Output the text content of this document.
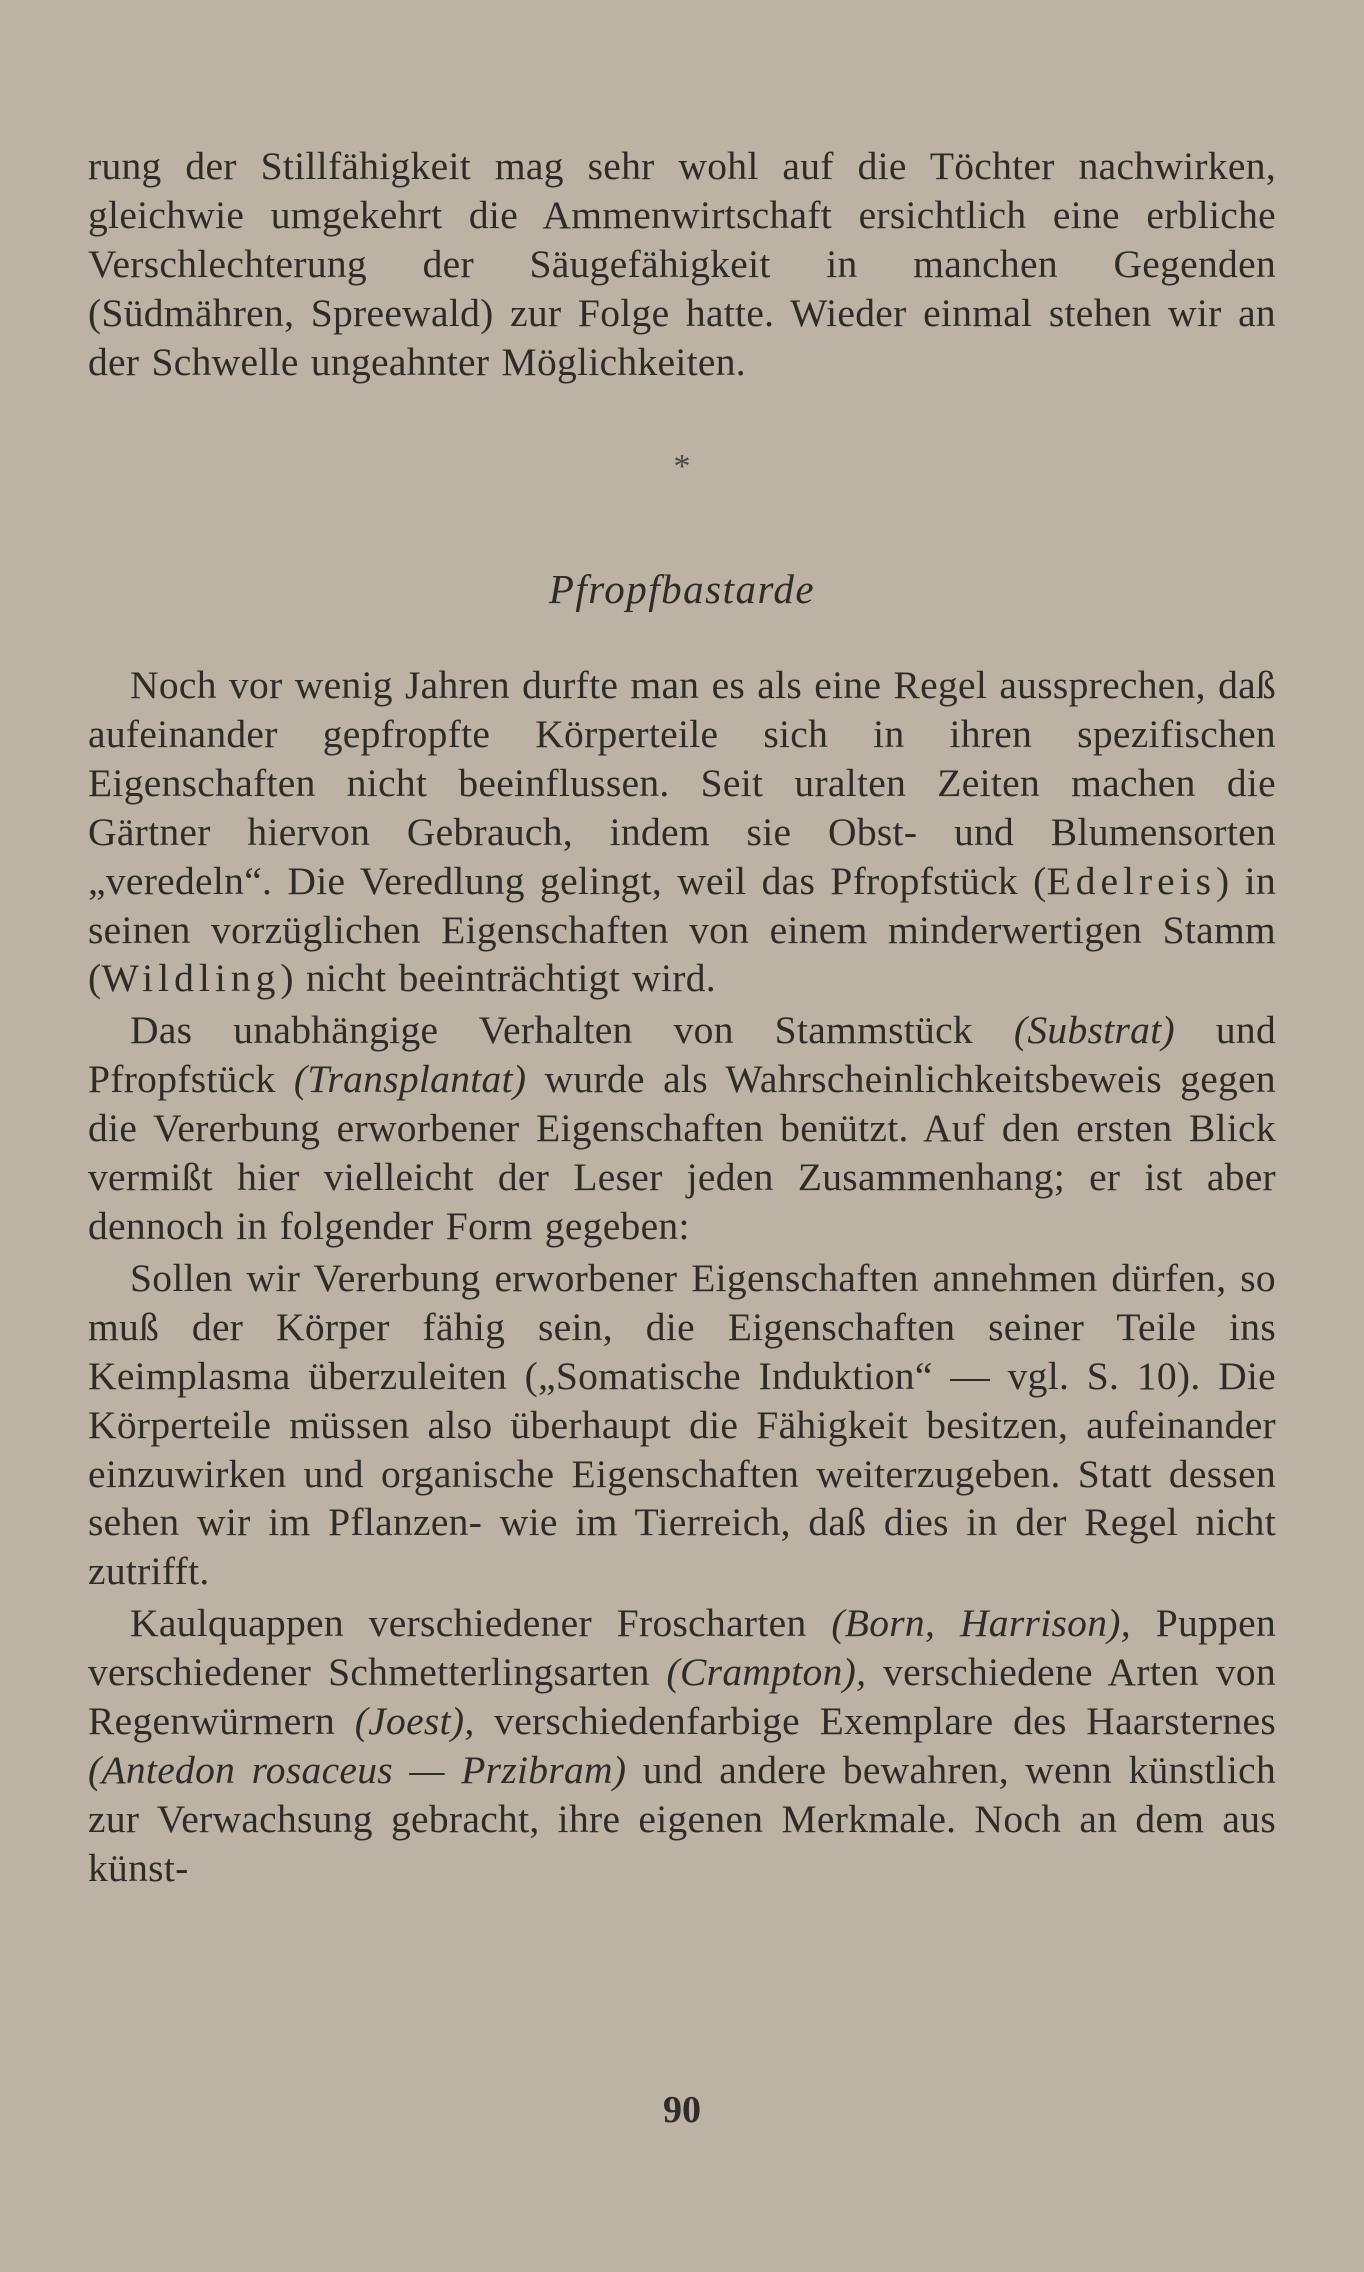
rung der Stillfähigkeit mag sehr wohl auf die Töchter nachwirken, gleichwie umgekehrt die Ammenwirtschaft ersichtlich eine erbliche Verschlechterung der Säugefähigkeit in manchen Gegenden (Südmähren, Spreewald) zur Folge hatte. Wieder einmal stehen wir an der Schwelle ungeahnter Möglichkeiten.

*
Pfropfbastarde

Noch vor wenig Jahren durfte man es als eine Regel aussprechen, daß aufeinander gepfropfte Körperteile sich in ihren spezifischen Eigenschaften nicht beeinflussen. Seit uralten Zeiten machen die Gärtner hiervon Gebrauch, indem sie Obst- und Blumensorten „veredeln“. Die Veredlung gelingt, weil das Pfropfstück (Edelreis) in seinen vorzüglichen Eigenschaften von einem minderwertigen Stamm (Wildling) nicht beeinträchtigt wird.

Das unabhängige Verhalten von Stammstück (Substrat) und Pfropfstück (Transplantat) wurde als Wahrscheinlichkeitsbeweis gegen die Vererbung erworbener Eigenschaften benützt. Auf den ersten Blick vermißt hier vielleicht der Leser jeden Zusammenhang; er ist aber dennoch in folgender Form gegeben:

Sollen wir Vererbung erworbener Eigenschaften annehmen dürfen, so muß der Körper fähig sein, die Eigenschaften seiner Teile ins Keimplasma überzuleiten („Somatische Induktion“ — vgl. S. 10). Die Körperteile müssen also überhaupt die Fähigkeit besitzen, aufeinander einzuwirken und organische Eigenschaften weiterzugeben. Statt dessen sehen wir im Pflanzen- wie im Tierreich, daß dies in der Regel nicht zutrifft.

Kaulquappen verschiedener Froscharten (Born, Harrison), Puppen verschiedener Schmetterlingsarten (Crampton), verschiedene Arten von Regenwürmern (Joest), verschiedenfarbige Exemplare des Haarsternes (Antedon rosaceus — Przibram) und andere bewahren, wenn künstlich zur Verwachsung gebracht, ihre eigenen Merkmale. Noch an dem aus künst-

90
